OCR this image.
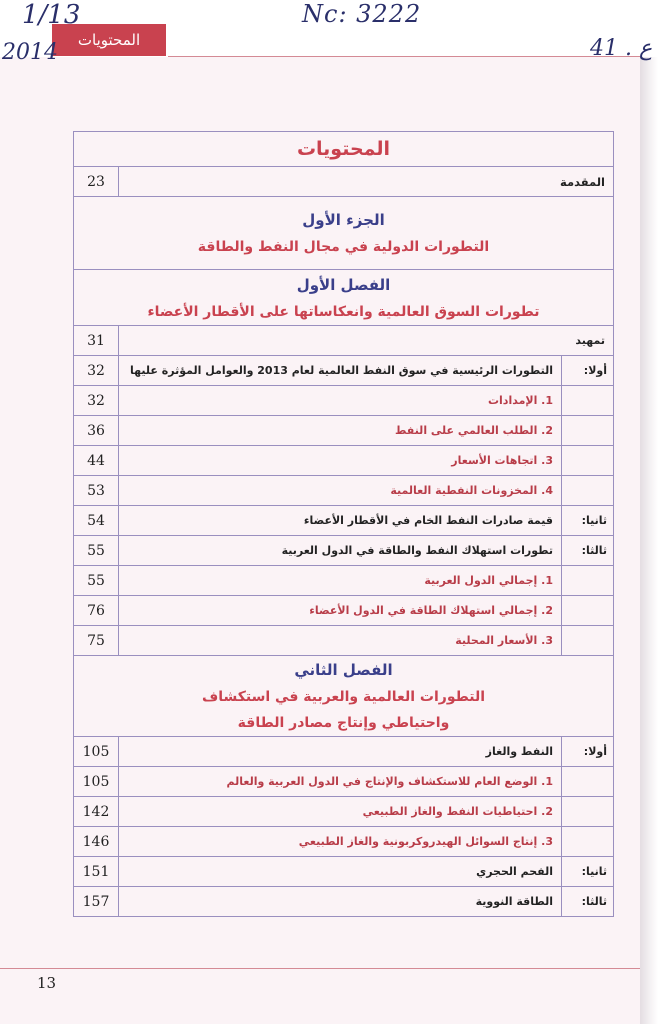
المحتويات
1/13
2014
Nc: 3222
41 . ع
المحتويات		
المقدمة		23

الجزء الأول
التطورات الدولية في مجال النفط والطاقة		

الفصل الأول
تطورات السوق العالمية وانعكاساتها على الأقطار الأعضاء		

تمهيد		31
أولا:	التطورات الرئيسية في سوق النفط العالمية لعام 2013 والعوامل المؤثرة عليها	32
	1. الإمدادات	32
	2. الطلب العالمي على النفط	36
	3. اتجاهات الأسعار	44
	4. المخزونات النفطية العالمية	53
ثانيا:	قيمة صادرات النفط الخام في الأقطار الأعضاء	54
ثالثا:	تطورات استهلاك النفط والطاقة في الدول العربية	55
	1. إجمالي الدول العربية	55
	2. إجمالي استهلاك الطاقة في الدول الأعضاء	76
	3. الأسعار المحلية	75

الفصل الثاني
التطورات العالمية والعربية في استكشاف
واحتياطي وإنتاج مصادر الطاقة		

أولا:	النفط والغاز	105
	1. الوضع العام للاستكشاف والإنتاج في الدول العربية والعالم	105
	2. احتياطيات النفط والغاز الطبيعي	142
	3. إنتاج السوائل الهيدروكربونية والغاز الطبيعي	146
ثانيا:	الفحم الحجري	151
ثالثا:	الطاقة النووية	157
13
